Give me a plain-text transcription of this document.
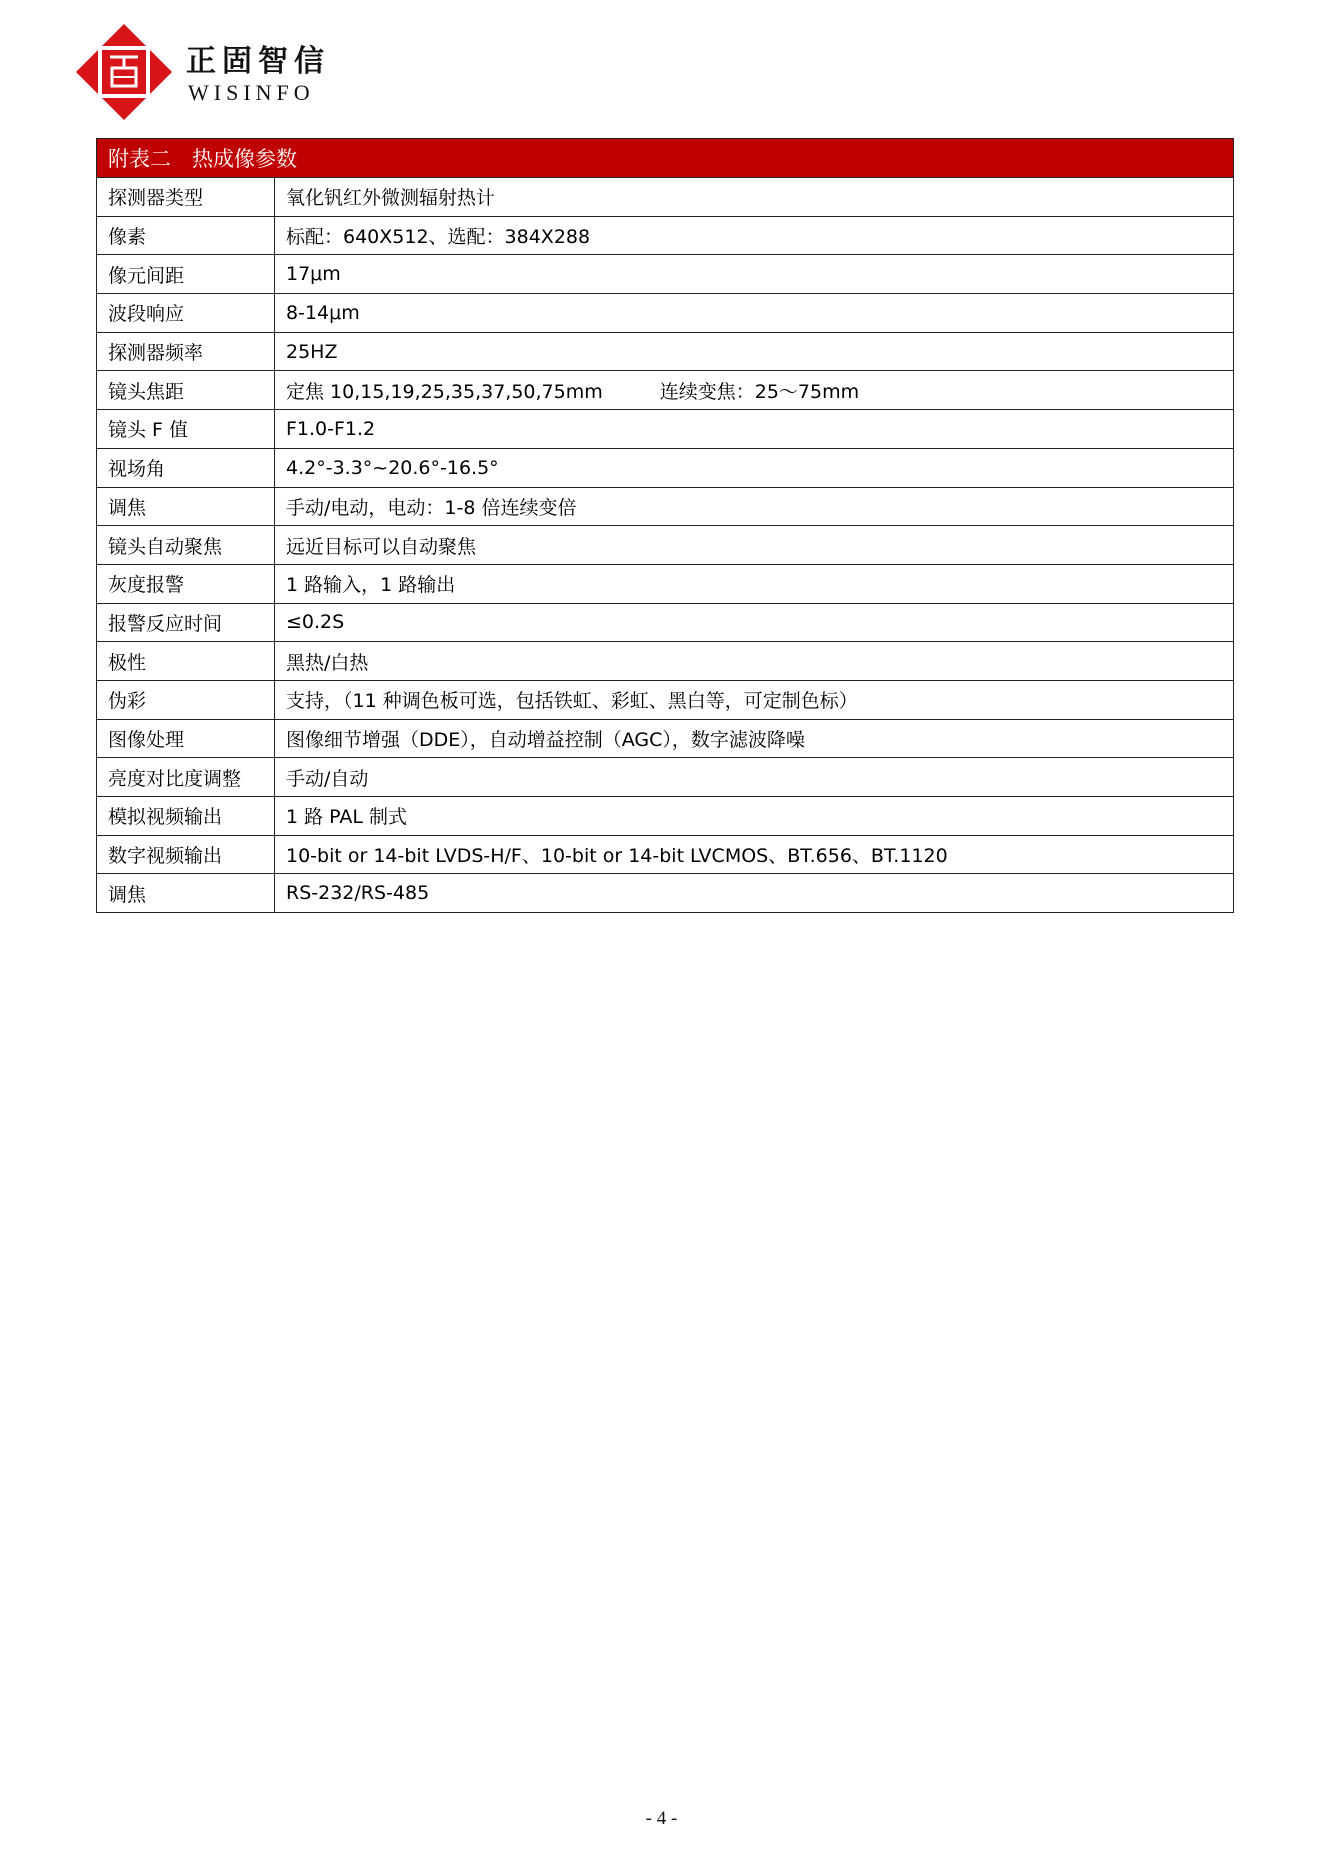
正固智信
WISINFO
附表二　热成像参数	
探测器类型	氧化钒红外微测辐射热计
像素	标配：640X512、选配：384X288
像元间距	17μm
波段响应	8-14μm
探测器频率	25HZ
镜头焦距	定焦 10,15,19,25,35,37,50,75mm　　　连续变焦：25～75mm
镜头 F 值	F1.0-F1.2
视场角	4.2°-3.3°~20.6°-16.5°
调焦	手动/电动，电动：1-8 倍连续变倍
镜头自动聚焦	远近目标可以自动聚焦
灰度报警	1 路输入，1 路输出
报警反应时间	≤0.2S
极性	黑热/白热
伪彩	支持，（11 种调色板可选，包括铁虹、彩虹、黑白等，可定制色标）
图像处理	图像细节增强（DDE），自动增益控制（AGC），数字滤波降噪
亮度对比度调整	手动/自动
模拟视频输出	1 路 PAL 制式
数字视频输出	10-bit or 14-bit LVDS-H/F、10-bit or 14-bit LVCMOS、BT.656、BT.1120
调焦	RS-232/RS-485
- 4 -
